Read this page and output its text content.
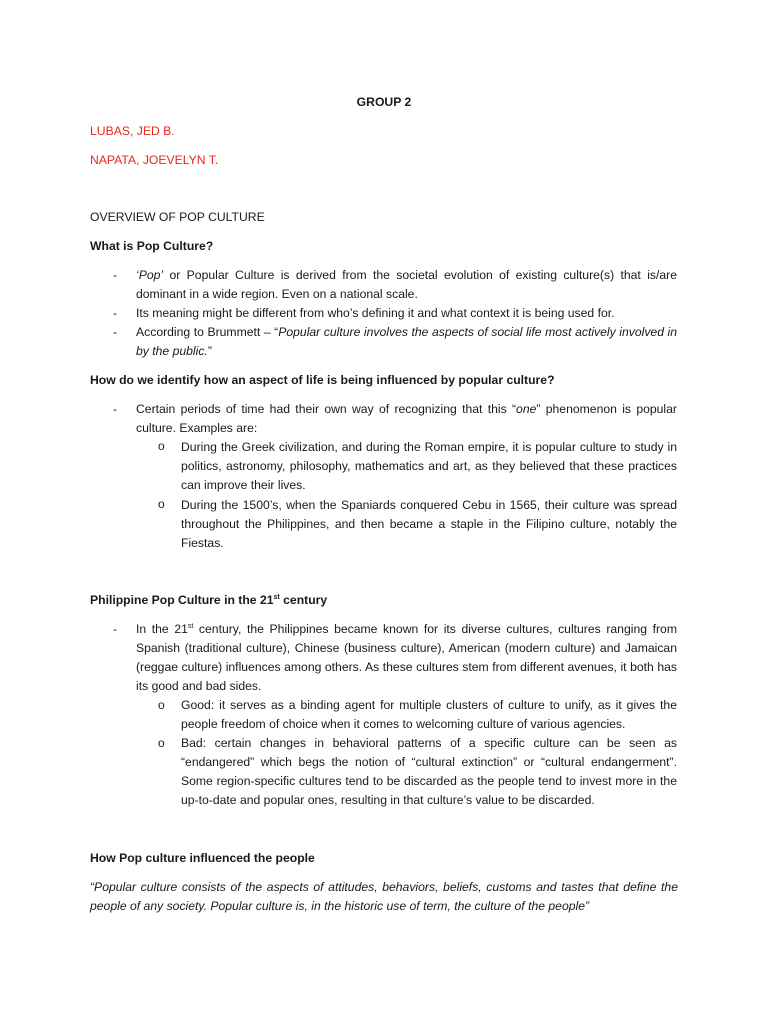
GROUP 2
LUBAS, JED B.
NAPATA, JOEVELYN T.
OVERVIEW OF POP CULTURE
What is Pop Culture?
- ‘Pop’ or Popular Culture is derived from the societal evolution of existing culture(s) that is/are dominant in a wide region. Even on a national scale.
- Its meaning might be different from who’s defining it and what context it is being used for.
- According to Brummett – “Popular culture involves the aspects of social life most actively involved in by the public.”
How do we identify how an aspect of life is being influenced by popular culture?
- Certain periods of time had their own way of recognizing that this “one” phenomenon is popular culture. Examples are:
o During the Greek civilization, and during the Roman empire, it is popular culture to study in politics, astronomy, philosophy, mathematics and art, as they believed that these practices can improve their lives.
o During the 1500’s, when the Spaniards conquered Cebu in 1565, their culture was spread throughout the Philippines, and then became a staple in the Filipino culture, notably the Fiestas.
Philippine Pop Culture in the 21st century
- In the 21st century, the Philippines became known for its diverse cultures, cultures ranging from Spanish (traditional culture), Chinese (business culture), American (modern culture) and Jamaican (reggae culture) influences among others. As these cultures stem from different avenues, it both has its good and bad sides.
o Good: it serves as a binding agent for multiple clusters of culture to unify, as it gives the people freedom of choice when it comes to welcoming culture of various agencies.
o Bad: certain changes in behavioral patterns of a specific culture can be seen as “endangered” which begs the notion of “cultural extinction” or “cultural endangerment”. Some region-specific cultures tend to be discarded as the people tend to invest more in the up-to-date and popular ones, resulting in that culture’s value to be discarded.
How Pop culture influenced the people
“Popular culture consists of the aspects of attitudes, behaviors, beliefs, customs and tastes that define the people of any society. Popular culture is, in the historic use of term, the culture of the people”
